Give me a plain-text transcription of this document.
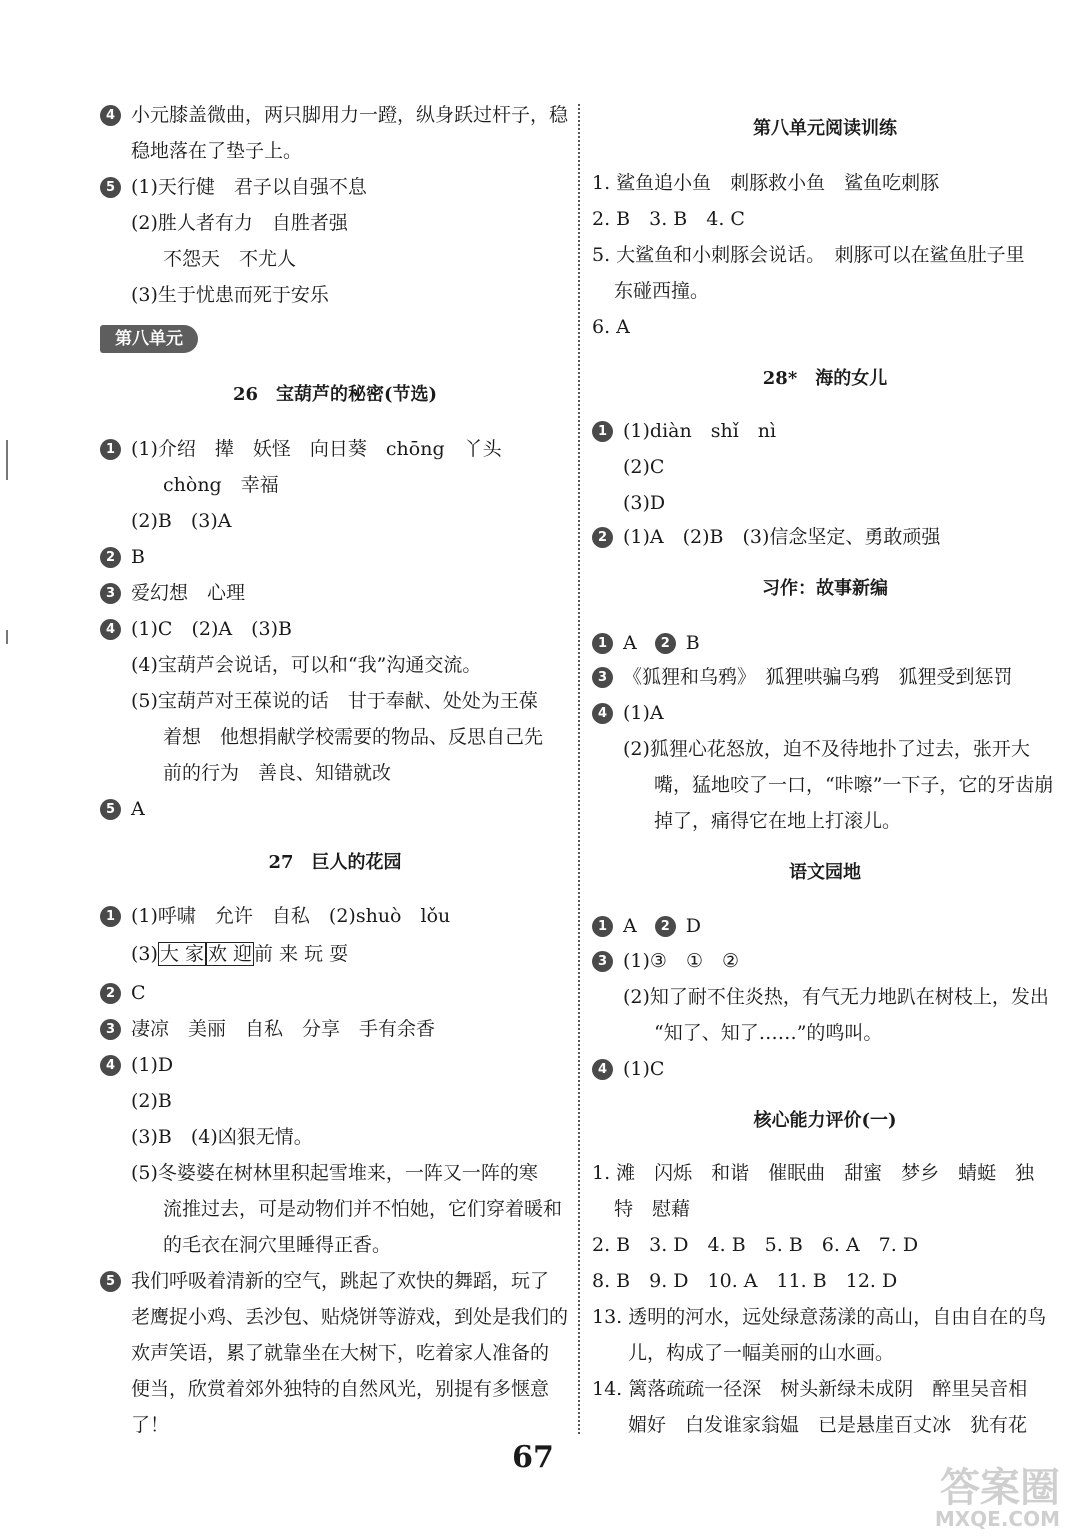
4 小元膝盖微曲，两只脚用力一蹬，纵身跃过杆子，稳
稳地落在了垫子上。
5 (1)天行健　君子以自强不息
(2)胜人者有力　自胜者强
不怨天　不尤人
(3)生于忧患而死于安乐
第八单元
26　宝葫芦的秘密(节选)
1 (1)介绍　撵　妖怪　向日葵　chōng　丫头
chòng　幸福
(2)B　(3)A
2 B
3 爱幻想　心理
4 (1)C　(2)A　(3)B
(4)宝葫芦会说话，可以和“我”沟通交流。
(5)宝葫芦对王葆说的话　甘于奉献、处处为王葆
着想　他想捐献学校需要的物品、反思自己先
前的行为　善良、知错就改
5 A
27　巨人的花园
1 (1)呼啸　允许　自私　(2)shuò　lǒu
(3) 大 家 欢 迎 前 来 玩 耍
2 C
3 凄凉　美丽　自私　分享　手有余香
4 (1)D
(2)B
(3)B　(4)凶狠无情。
(5)冬婆婆在树林里积起雪堆来，一阵又一阵的寒
流推过去，可是动物们并不怕她，它们穿着暖和
的毛衣在洞穴里睡得正香。
5 我们呼吸着清新的空气，跳起了欢快的舞蹈，玩了
老鹰捉小鸡、丢沙包、贴烧饼等游戏，到处是我们的
欢声笑语，累了就靠坐在大树下，吃着家人准备的
便当，欣赏着郊外独特的自然风光，别提有多惬意
了！
第八单元阅读训练
1. 鲨鱼追小鱼　刺豚救小鱼　鲨鱼吃刺豚
2. B　3. B　4. C
5. 大鲨鱼和小刺豚会说话。　刺豚可以在鲨鱼肚子里
东碰西撞。
6. A
28*　海的女儿
1 (1)diàn　shǐ　nì
(2)C
(3)D
2 (1)A　(2)B　(3)信念坚定、勇敢顽强
习作：故事新编
1 A 2 B
3 《狐狸和乌鸦》　狐狸哄骗乌鸦　狐狸受到惩罚
4 (1)A
(2)狐狸心花怒放，迫不及待地扑了过去，张开大
嘴，猛地咬了一口，“咔嚓”一下子，它的牙齿崩
掉了，痛得它在地上打滚儿。
语文园地
1 A 2 D
3 (1)③　①　②
(2)知了耐不住炎热，有气无力地趴在树枝上，发出
“知了、知了……”的鸣叫。
4 (1)C
核心能力评价(一)
1. 滩　闪烁　和谐　催眠曲　甜蜜　梦乡　蜻蜓　独
特　慰藉
2. B　3. D　4. B　5. B　6. A　7. D
8. B　9. D　10. A　11. B　12. D
13. 透明的河水，远处绿意荡漾的高山，自由自在的鸟
儿，构成了一幅美丽的山水画。
14. 篱落疏疏一径深　树头新绿未成阴　醉里吴音相
媚好　白发谁家翁媪　已是悬崖百丈冰　犹有花
67
答案圈
MXQE.COM
